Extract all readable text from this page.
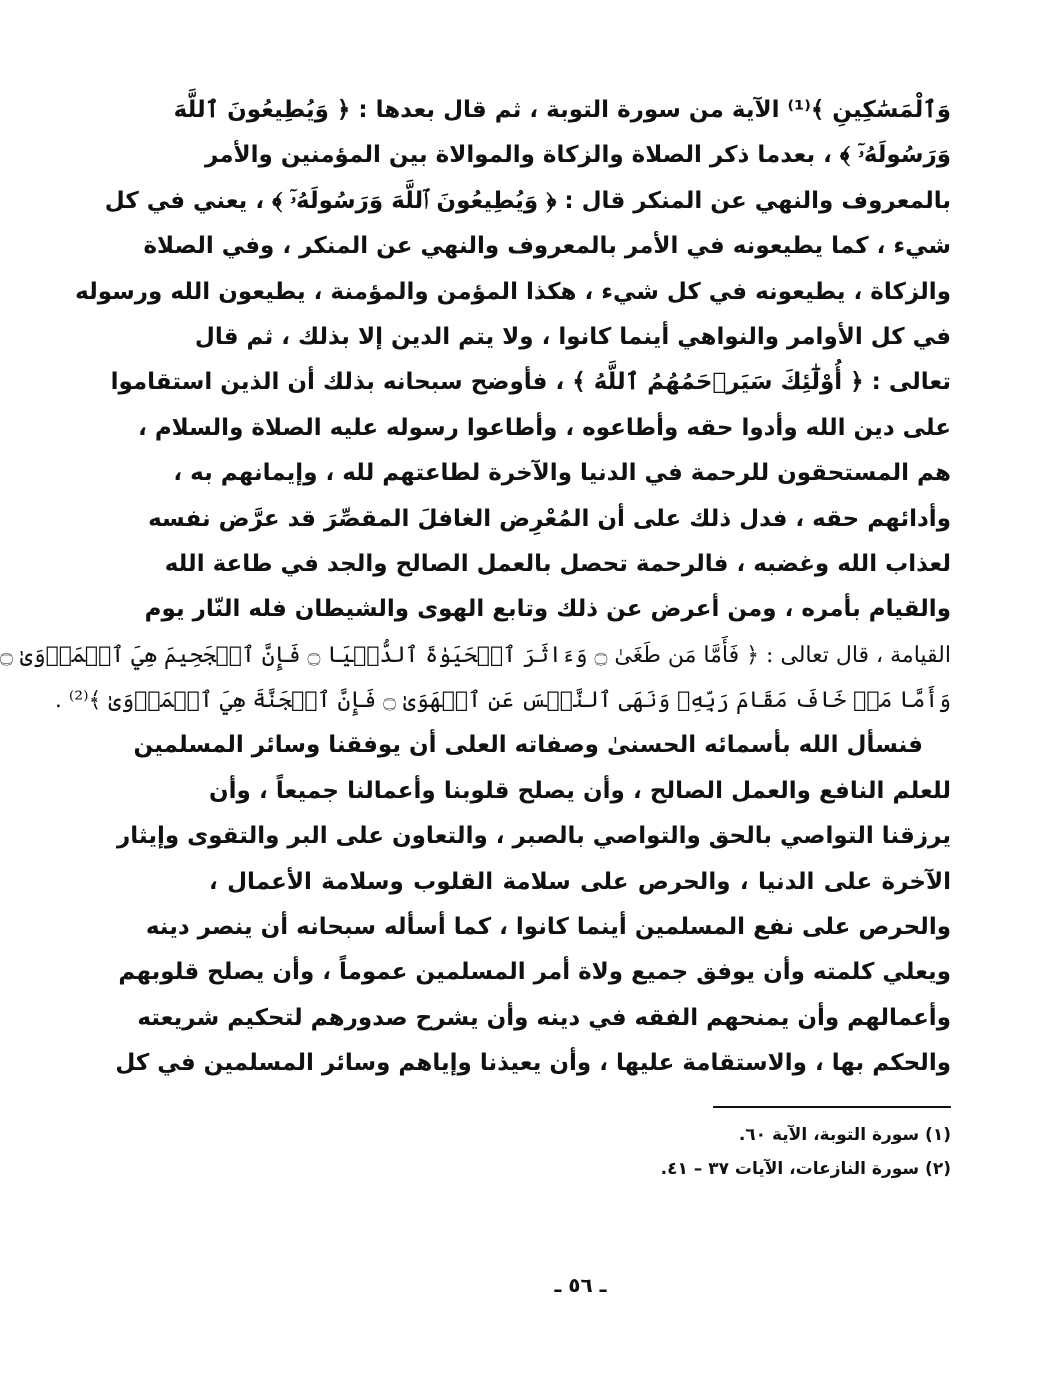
وَٱلْمَسَٰكِينِ ﴾⁽¹⁾ الآية من سورة التوبة ، ثم قال بعدها : ﴿ وَيُطِيعُونَ ٱللَّهَ
وَرَسُولَهُۥٓ ﴾ ، بعدما ذكر الصلاة والزكاة والموالاة بين المؤمنين والأمر
بالمعروف والنهي عن المنكر قال : ﴿ وَيُطِيعُونَ ٱللَّهَ وَرَسُولَهُۥٓ ﴾ ، يعني في كل
شيء ، كما يطيعونه في الأمر بالمعروف والنهي عن المنكر ، وفي الصلاة
والزكاة ، يطيعونه في كل شيء ، هكذا المؤمن والمؤمنة ، يطيعون الله ورسوله
في كل الأوامر والنواهي أينما كانوا ، ولا يتم الدين إلا بذلك ، ثم قال
تعالى : ﴿ أُوْلَٰٓئِكَ سَيَرۡحَمُهُمُ ٱللَّهُ ﴾ ، فأوضح سبحانه بذلك أن الذين استقاموا
على دين الله وأدوا حقه وأطاعوه ، وأطاعوا رسوله عليه الصلاة والسلام ،
هم المستحقون للرحمة في الدنيا والآخرة لطاعتهم لله ، وإيمانهم به ،
وأدائهم حقه ، فدل ذلك على أن المُعْرِض الغافلَ المقصِّرَ قد عرَّض نفسه
لعذاب الله وغضبه ، فالرحمة تحصل بالعمل الصالح والجد في طاعة الله
والقيام بأمره ، ومن أعرض عن ذلك وتابع الهوى والشيطان فله النّار يوم
القيامة ، قال تعالى : ﴿ فَأَمَّا مَن طَغَىٰ ۝ وَءَاثَرَ ٱلۡحَيَوٰةَ ٱلدُّنۡيَا ۝ فَإِنَّ ٱلۡجَحِيمَ هِيَ ٱلۡمَأۡوَىٰ ۝
وَأَمَّا مَنۡ خَافَ مَقَامَ رَبِّهِۦ وَنَهَى ٱلنَّفۡسَ عَنِ ٱلۡهَوَىٰ ۝ فَإِنَّ ٱلۡجَنَّةَ هِيَ ٱلۡمَأۡوَىٰ ﴾⁽²⁾ .
فنسأل الله بأسمائه الحسنىٰ وصفاته العلى أن يوفقنا وسائر المسلمين
للعلم النافع والعمل الصالح ، وأن يصلح قلوبنا وأعمالنا جميعاً ، وأن
يرزقنا التواصي بالحق والتواصي بالصبر ، والتعاون على البر والتقوى وإيثار
الآخرة على الدنيا ، والحرص على سلامة القلوب وسلامة الأعمال ،
والحرص على نفع المسلمين أينما كانوا ، كما أسأله سبحانه أن ينصر دينه
ويعلي كلمته وأن يوفق جميع ولاة أمر المسلمين عموماً ، وأن يصلح قلوبهم
وأعمالهم وأن يمنحهم الفقه في دينه وأن يشرح صدورهم لتحكيم شريعته
والحكم بها ، والاستقامة عليها ، وأن يعيذنا وإياهم وسائر المسلمين في كل
(١) سورة التوبة، الآية ٦٠.
(٢) سورة النازعات، الآيات ٣٧ – ٤١.
ـ ٥٦ ـ
